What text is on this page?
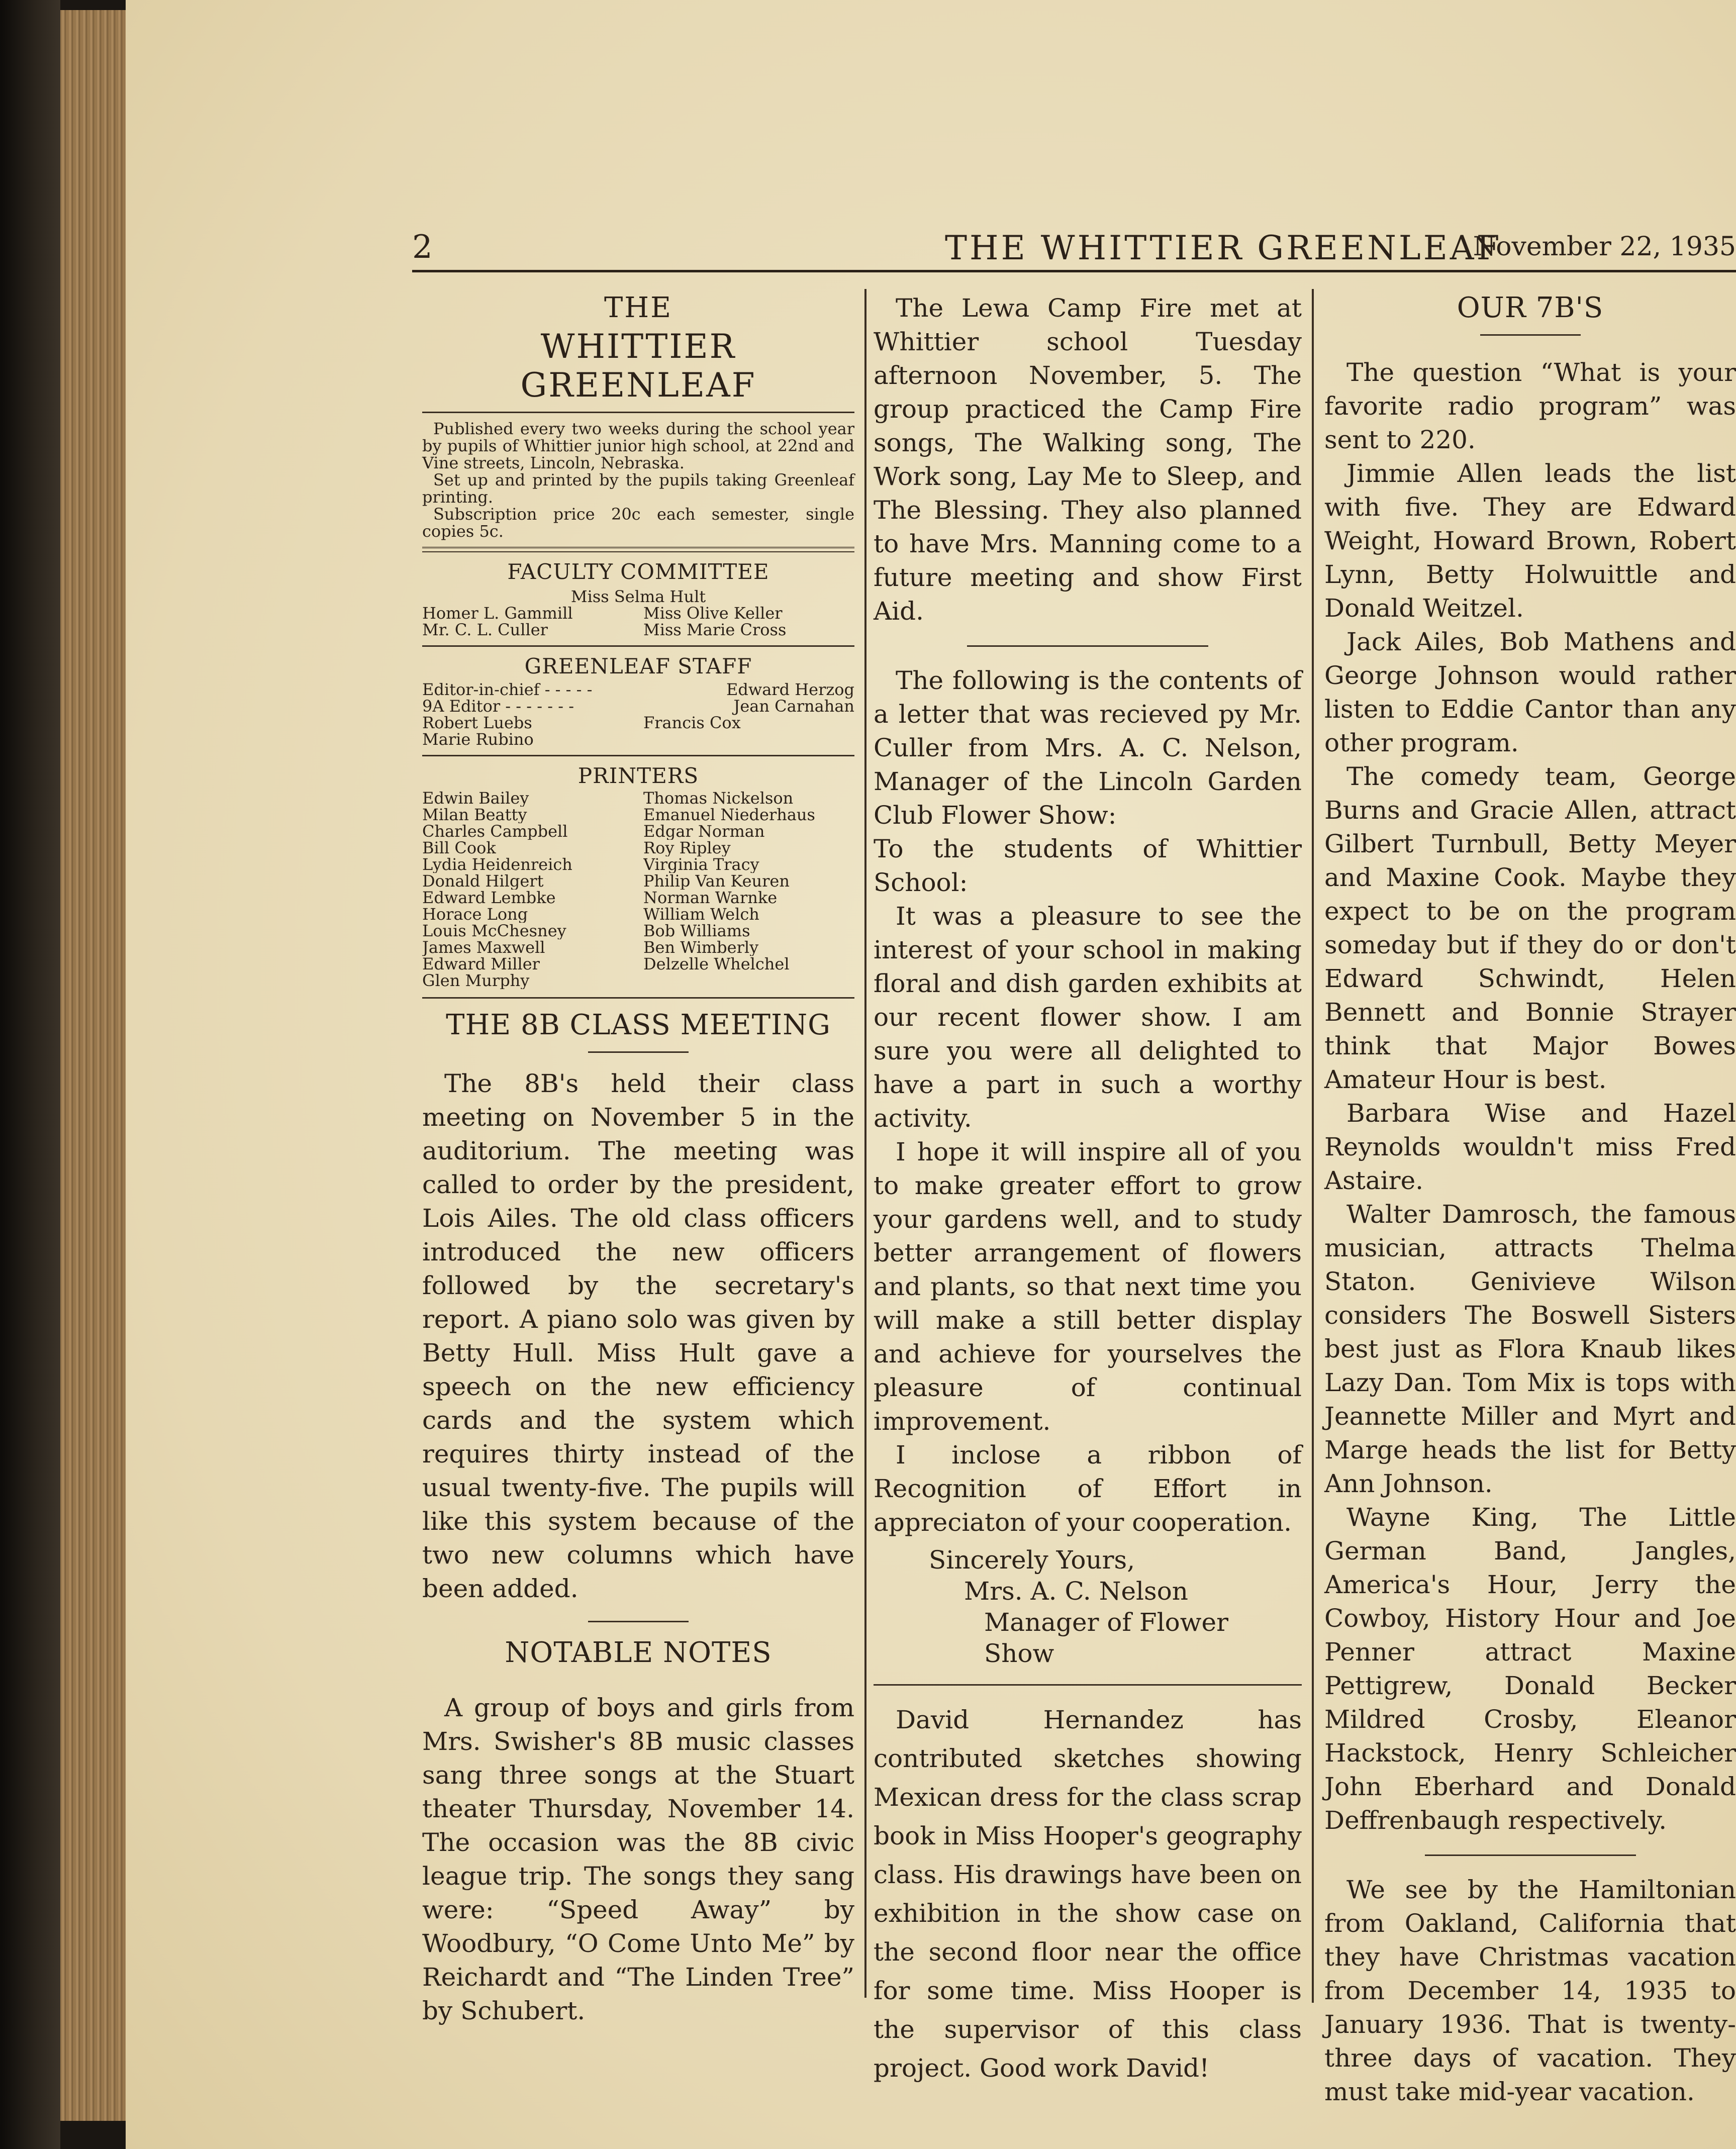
2	THE WHITTIER GREENLEAF
November 22, 1935

THE

WHITTIER GREENLEAF

Published every two weeks during the school year by pupils of Whittier junior high school, at 22nd and Vine streets, Lincoln, Nebraska.

Set up and printed by the pupils taking Greenleaf printing.

Subscription price 20c each semester, single copies 5c.

FACULTY COMMITTEE

Miss Selma Hult

Homer L. Gammill	Miss Olive Keller
Mr. C. L. Culler	Miss Marie Cross

GREENLEAF STAFF

Editor-in-chief - - - - -	Edward Herzog
9A Editor - - - - - - -	Jean Carnahan
Robert Luebs	Francis Cox
Marie Rubino

PRINTERS

Edwin Bailey	Thomas Nickelson
Milan Beatty	Emanuel Niederhaus
Charles Campbell	Edgar Norman
Bill Cook	Roy Ripley
Lydia Heidenreich	Virginia Tracy
Donald Hilgert	Philip Van Keuren
Edward Lembke	Norman Warnke
Horace Long	William Welch
Louis McChesney	Bob Williams
James Maxwell	Ben Wimberly
Edward Miller	Delzelle Whelchel
Glen Murphy

THE 8B CLASS MEETING

The 8B's held their class meeting on November 5 in the auditorium. The meeting was called to order by the president, Lois Ailes. The old class officers introduced the new officers followed by the secretary's report. A piano solo was given by Betty Hull. Miss Hult gave a speech on the new efficiency cards and the system which requires thirty instead of the usual twenty-five. The pupils will like this system because of the two new columns which have been added.

NOTABLE NOTES

A group of boys and girls from Mrs. Swisher's 8B music classes sang three songs at the Stuart theater Thursday, November 14. The occasion was the 8B civic league trip. The songs they sang were: “Speed Away” by Woodbury, “O Come Unto Me” by Reichardt and “The Linden Tree” by Schubert.

The Lewa Camp Fire met at Whittier school Tuesday afternoon November, 5. The group practiced the Camp Fire songs, The Walking song, The Work song, Lay Me to Sleep, and The Blessing. They also planned to have Mrs. Manning come to a future meeting and show First Aid.

The following is the contents of a letter that was recieved py Mr. Culler from Mrs. A. C. Nelson, Manager of the Lincoln Garden Club Flower Show:

To the students of Whittier School:

It was a pleasure to see the interest of your school in making floral and dish garden exhibits at our recent flower show. I am sure you were all delighted to have a part in such a worthy activity.

I hope it will inspire all of you to make greater effort to grow your gardens well, and to study better arrangement of flowers and plants, so that next time you will make a still better display and achieve for yourselves the pleasure of continual improvement.

I inclose a ribbon of Recognition of Effort in appreciaton of your cooperation.

Sincerely Yours,

Mrs. A. C. Nelson

Manager of Flower Show

David Hernandez has contributed sketches showing Mexican dress for the class scrap book in Miss Hooper's geography class. His drawings have been on exhibition in the show case on the second floor near the office for some time. Miss Hooper is the supervisor of this class project. Good work David!

OUR 7B'S

The question “What is your favorite radio program” was sent to 220.

Jimmie Allen leads the list with five. They are Edward Weight, Howard Brown, Robert Lynn, Betty Holwuittle and Donald Weitzel.

Jack Ailes, Bob Mathens and George Johnson would rather listen to Eddie Cantor than any other program.

The comedy team, George Burns and Gracie Allen, attract Gilbert Turnbull, Betty Meyer and Maxine Cook. Maybe they expect to be on the program someday but if they do or don't Edward Schwindt, Helen Bennett and Bonnie Strayer think that Major Bowes Amateur Hour is best.

Barbara Wise and Hazel Reynolds wouldn't miss Fred Astaire.

Walter Damrosch, the famous musician, attracts Thelma Staton. Genivieve Wilson considers The Boswell Sisters best just as Flora Knaub likes Lazy Dan. Tom Mix is tops with Jeannette Miller and Myrt and Marge heads the list for Betty Ann Johnson.

Wayne King, The Little German Band, Jangles, America's Hour, Jerry the Cowboy, History Hour and Joe Penner attract Maxine Pettigrew, Donald Becker Mildred Crosby, Eleanor Hackstock, Henry Schleicher John Eberhard and Donald Deffrenbaugh respectively.

We see by the Hamiltonian from Oakland, California that they have Christmas vacation from December 14, 1935 to January 1936. That is twenty-three days of vacation. They must take mid-year vacation.
